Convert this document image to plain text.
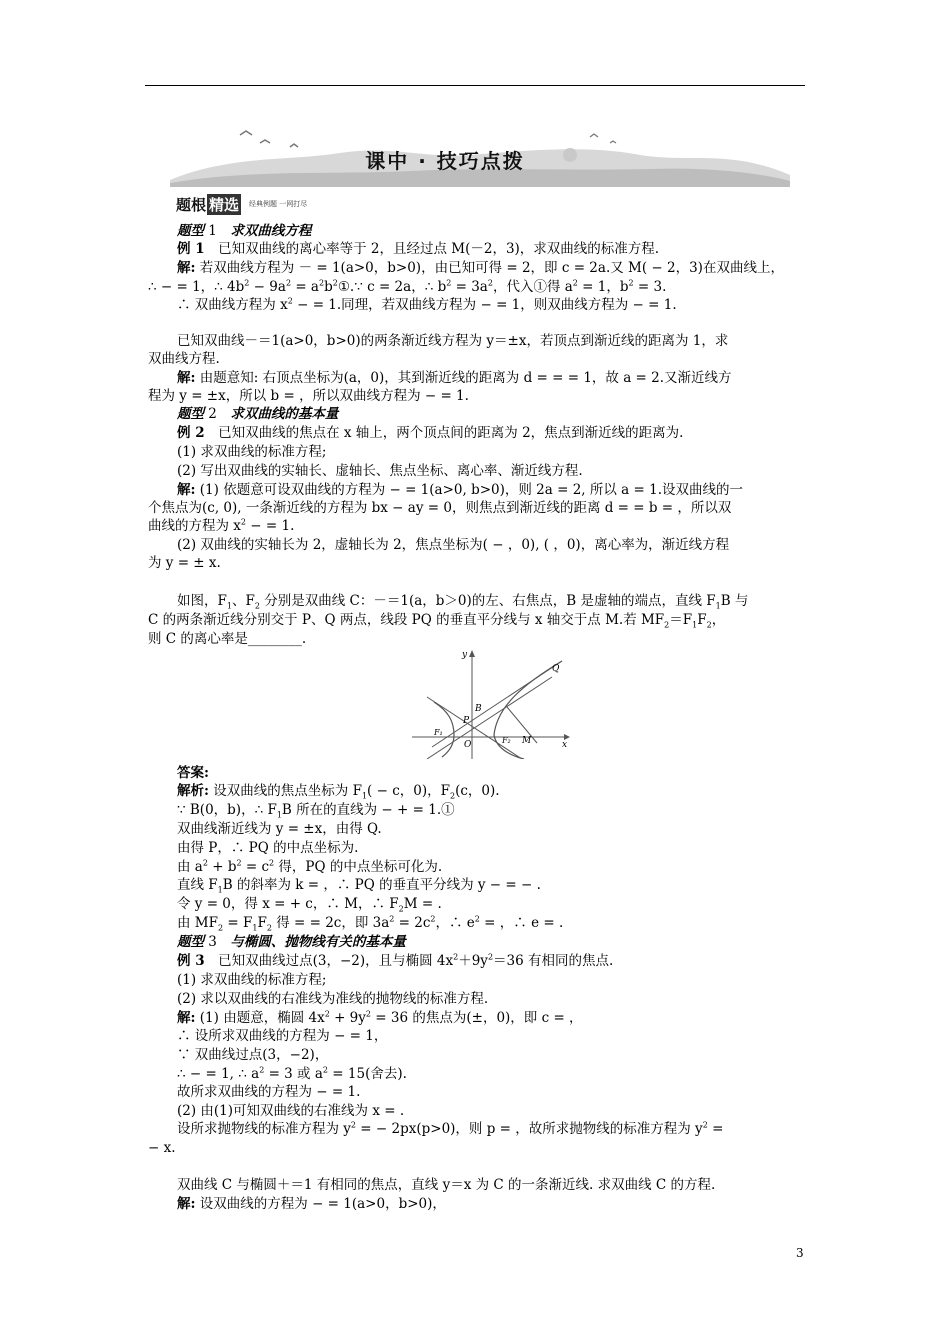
课中 · 技巧点拨
题根 精选 经典例题 一网打尽
题型 1　求双曲线方程
例 1　已知双曲线的离心率等于 2，且经过点 M(－2，3)，求双曲线的标准方程.
解: 若双曲线方程为 － = 1(a>0，b>0)，由已知可得 = 2，即 c = 2a.又 M( − 2，3)在双曲线上，
∴ − = 1，∴ $4b^2 - 9a^2$ = $a^2b^2①.\because$ c = 2a，∴ $b^2 = 3a^2$，代入①得 $a^2 = 1$，$b^2 = 3$.
∴ 双曲线方程为 $x^2$ − = 1.同理，若双曲线方程为 − = 1，则双曲线方程为 − = 1.
已知双曲线－＝1(a>0，b>0)的两条渐近线方程为 y＝±x，若顶点到渐近线的距离为 1，求
双曲线方程.
解: 由题意知: 右顶点坐标为(a，0)，其到渐近线的距离为 d = = = 1，故 a = 2.又渐近线方
程为 y = ±x，所以 b = ，所以双曲线方程为 − = 1.
题型 2　求双曲线的基本量
例 2　已知双曲线的焦点在 x 轴上，两个顶点间的距离为 2，焦点到渐近线的距离为.
(1) 求双曲线的标准方程;
(2) 写出双曲线的实轴长、虚轴长、焦点坐标、离心率、渐近线方程.
解: (1) 依题意可设双曲线的方程为 − = 1(a>0, b>0)，则 2a = 2, 所以 a = 1.设双曲线的一
个焦点为(c, 0), 一条渐近线的方程为 bx − ay = 0，则焦点到渐近线的距离 d = = b = ，所以双
曲线的方程为 $x^2$ − = 1.
(2) 双曲线的实轴长为 2，虚轴长为 2，焦点坐标为( − ，0), ( ，0)，离心率为，渐近线方程
为 y = ± x.
如图，$F_1$、$F_2$ 分别是双曲线 C：－＝1(a，b＞0)的左、右焦点，B 是虚轴的端点，直线 $F_1B$ 与
C 的两条渐近线分别交于 P、Q 两点，线段 PQ 的垂直平分线与 x 轴交于点 M.若 $MF_2=F_1F_2$，
则 C 的离心率是________.
答案:
解析: 设双曲线的焦点坐标为 $F_1( - c$，0)，$F_2(c$，0).
∵ B(0，b)，∴ $F_1B$ 所在的直线为 − + = 1.①
双曲线渐近线为 y = ±x，由得 Q.
由得 P，∴ PQ 的中点坐标为.
由 $a^2 + b^2 = c^2$ 得，PQ 的中点坐标可化为.
直线 $F_1B$ 的斜率为 k = ，∴ PQ 的垂直平分线为 y − = − .
令 y = 0，得 x = + c，∴ M，∴ $F_2M$ = .
由 $MF_2 = F_1F_2$ 得 = = 2c，即 $3a^2 = 2c^2$，∴ $e^2$ = ，∴ e = .
题型 3　与椭圆、抛物线有关的基本量
例 3　已知双曲线过点(3，−2)，且与椭圆 $4x^2+9y^2=36$ 有相同的焦点.
(1) 求双曲线的标准方程;
(2) 求以双曲线的右准线为准线的抛物线的标准方程.
解: (1) 由题意，椭圆 $4x^2 + 9y^2 = 36$ 的焦点为(±，0)，即 c = ，
∴ 设所求双曲线的方程为 − = 1，
∵ 双曲线过点(3，−2)，
∴ − = 1, ∴ $a^2 = 3$ 或 $a^2 = 15$(舍去).
故所求双曲线的方程为 − = 1.
(2) 由(1)可知双曲线的右准线为 x = .
设所求抛物线的标准方程为 $y^2$ = − 2px(p>0)，则 p = ，故所求抛物线的标准方程为 $y^2$ =
− x.
双曲线 C 与椭圆＋＝1 有相同的焦点，直线 y＝x 为 C 的一条渐近线. 求双曲线 C 的方程.
解: 设双曲线的方程为 − = 1(a>0，b>0)，
y
x
Q
B
P
F₁
O	F₂ M
3
